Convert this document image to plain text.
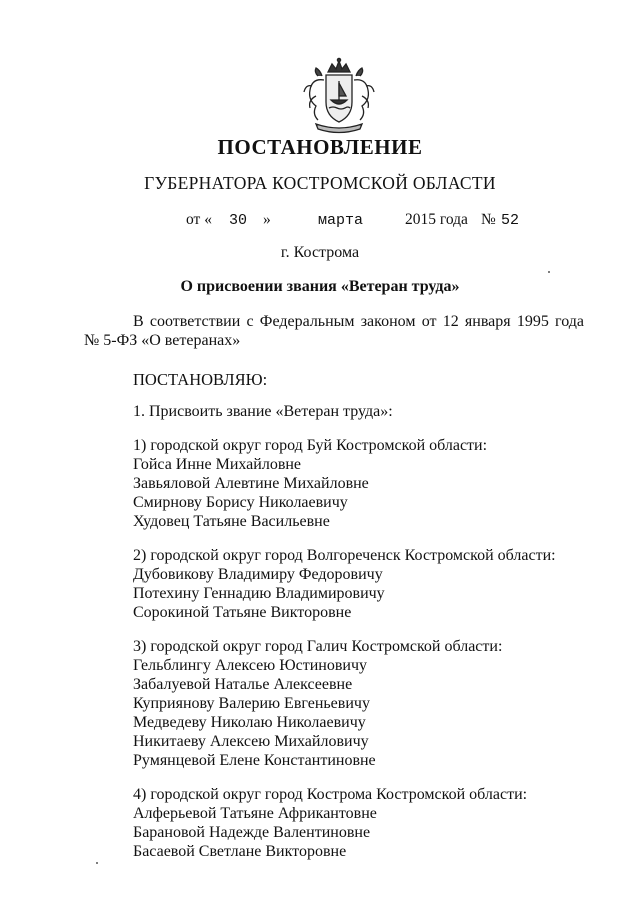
ПОСТАНОВЛЕНИЕ
ГУБЕРНАТОРА КОСТРОМСКОЙ ОБЛАСТИ
от « 30 »	марта	2015 года № 52
г. Кострома
О присвоении звания «Ветеран труда»
В соответствии с Федеральным законом от 12 января 1995 года
№ 5-ФЗ «О ветеранах»
ПОСТАНОВЛЯЮ:
1. Присвоить звание «Ветеран труда»:
1) городской округ город Буй Костромской области:
Гойса Инне Михайловне
Завьяловой Алевтине Михайловне
Смирнову Борису Николаевичу
Худовец Татьяне Васильевне
2) городской округ город Волгореченск Костромской области:
Дубовикову Владимиру Федоровичу
Потехину Геннадию Владимировичу
Сорокиной Татьяне Викторовне
3) городской округ город Галич Костромской области:
Гельблингу Алексею Юстиновичу
Забалуевой Наталье Алексеевне
Куприянову Валерию Евгеньевичу
Медведеву Николаю Николаевичу
Никитаеву Алексею Михайловичу
Румянцевой Елене Константиновне
4) городской округ город Кострома Костромской области:
Алферьевой Татьяне Африкантовне
Барановой Надежде Валентиновне
Басаевой Светлане Викторовне
